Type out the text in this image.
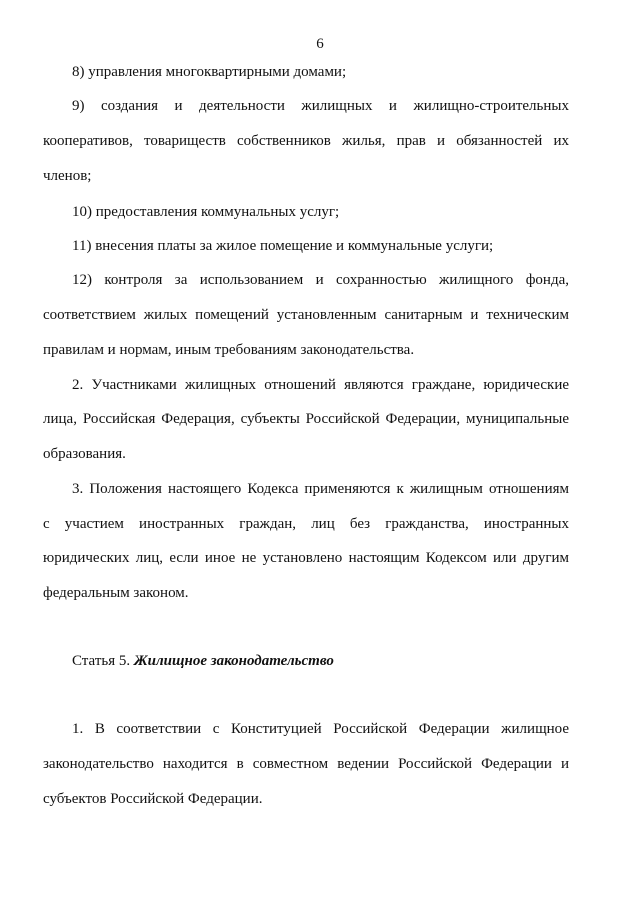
6
8) управления многоквартирными домами;
9) создания и деятельности жилищных и жилищно-строительных
кооперативов, товариществ собственников жилья, прав и обязанностей их
членов;
10) предоставления коммунальных услуг;
11) внесения платы за жилое помещение и коммунальные услуги;
12) контроля за использованием и сохранностью жилищного фонда,
соответствием жилых помещений установленным санитарным и техническим
правилам и нормам, иным требованиям законодательства.
2. Участниками жилищных отношений являются граждане, юридические
лица, Российская Федерация, субъекты Российской Федерации, муниципальные
образования.
3. Положения настоящего Кодекса применяются к жилищным отношениям
с участием иностранных граждан, лиц без гражданства, иностранных
юридических лиц, если иное не установлено настоящим Кодексом или другим
федеральным законом.
Статья 5. Жилищное законодательство
1. В соответствии с Конституцией Российской Федерации жилищное
законодательство находится в совместном ведении Российской Федерации и
субъектов Российской Федерации.
